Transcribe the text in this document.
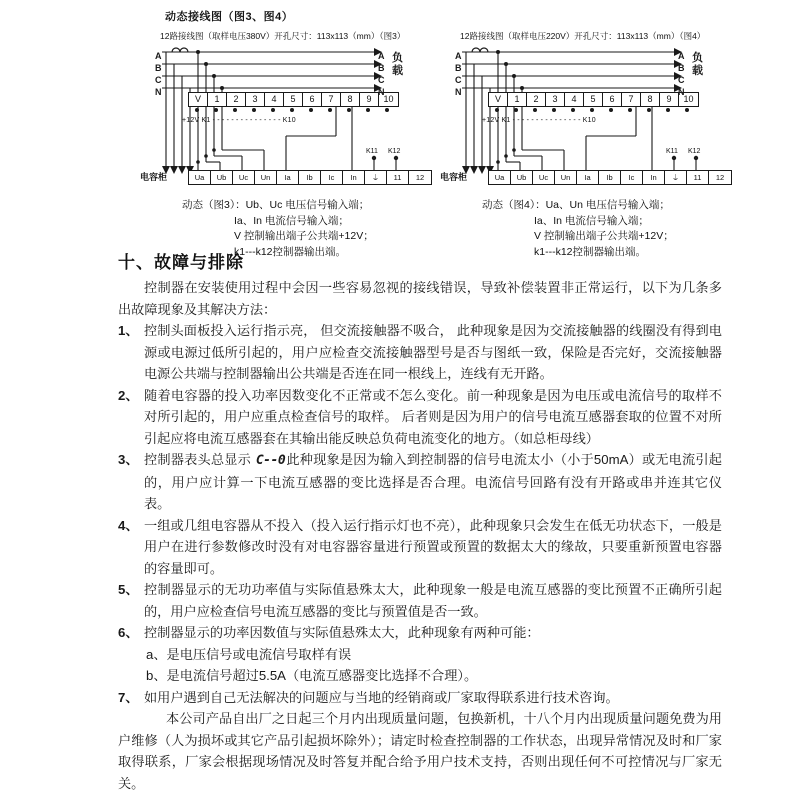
动态接线图（图3、图4）
12路接线图（取样电压380V）开孔尺寸：113x113（mm）（图3）
A
B
C
N
V	1	2	3	4	5	6	7	8	9	10
+12V K1 - - - - - - - - - - - - - - - K10
K11 K12
A
B
C
N
负载
电容柜	Ua	Ub	Uc	Un	Ia	Ib	Ic	In	⏚	11	12
动态（图3）：Ub、Uc 电压信号输入端；
Ia、In 电流信号输入端；
V 控制输出端子公共端+12V；
k1---k12控制器输出端。
12路接线图（取样电压220V）开孔尺寸：113x113（mm）（图4）
A
B
C
N
V	1	2	3	4	5	6	7	8	9	10
+12V K1 - - - - - - - - - - - - - - - K10
K11 K12
A
B
C
N
负载
电容柜	Ua	Ub	Uc	Un	Ia	Ib	Ic	In	⏚	11	12
动态（图4）：Ua、Un 电压信号输入端；
Ia、In 电流信号输入端；
V 控制输出端子公共端+12V；
k1---k12控制器输出端。
十、故障与排除

控制器在安装使用过程中会因一些容易忽视的接线错误，导致补偿装置非正常运行，以下为几条多出故障现象及其解决方法：

1、 控制头面板投入运行指示亮， 但交流接触器不吸合， 此种现象是因为交流接触器的线圈没有得到电源或电源过低所引起的，用户应检查交流接触器型号是否与图纸一致，保险是否完好，交流接触器电源公共端与控制器输出公共端是否连在同一根线上，连线有无开路。
2、 随着电容器的投入功率因数变化不正常或不怎么变化。前一种现象是因为电压或电流信号的取样不对所引起的，用户应重点检查信号的取样。 后者则是因为用户的信号电流互感器套取的位置不对所引起应将电流互感器套在其输出能反映总负荷电流变化的地方。（如总柜母线）
3、 控制器表头总显示 C--0此种现象是因为输入到控制器的信号电流太小（小于50mA）或无电流引起的，用户应计算一下电流互感器的变比选择是否合理。电流信号回路有没有开路或串并连其它仪表。
4、 一组或几组电容器从不投入（投入运行指示灯也不亮），此种现象只会发生在低无功状态下，一般是用户在进行参数修改时没有对电容器容量进行预置或预置的数据太大的缘故，只要重新预置电容器的容量即可。
5、 控制器显示的无功功率值与实际值悬殊太大，此种现象一般是电流互感器的变比预置不正确所引起的，用户应检查信号电流互感器的变比与预置值是否一致。
6、 控制器显示的功率因数值与实际值悬殊太大，此种现象有两种可能：
a、是电压信号或电流信号取样有误
b、是电流信号超过5.5A（电流互感器变比选择不合理）。
7、 如用户遇到自己无法解决的问题应与当地的经销商或厂家取得联系进行技术咨询。

本公司产品自出厂之日起三个月内出现质量问题，包换新机，十八个月内出现质量问题免费为用户维修（人为损坏或其它产品引起损坏除外）；请定时检查控制器的工作状态，出现异常情况及时和厂家取得联系，厂家会根据现场情况及时答复并配合给予用户技术支持，否则出现任何不可控情况与厂家无关。
